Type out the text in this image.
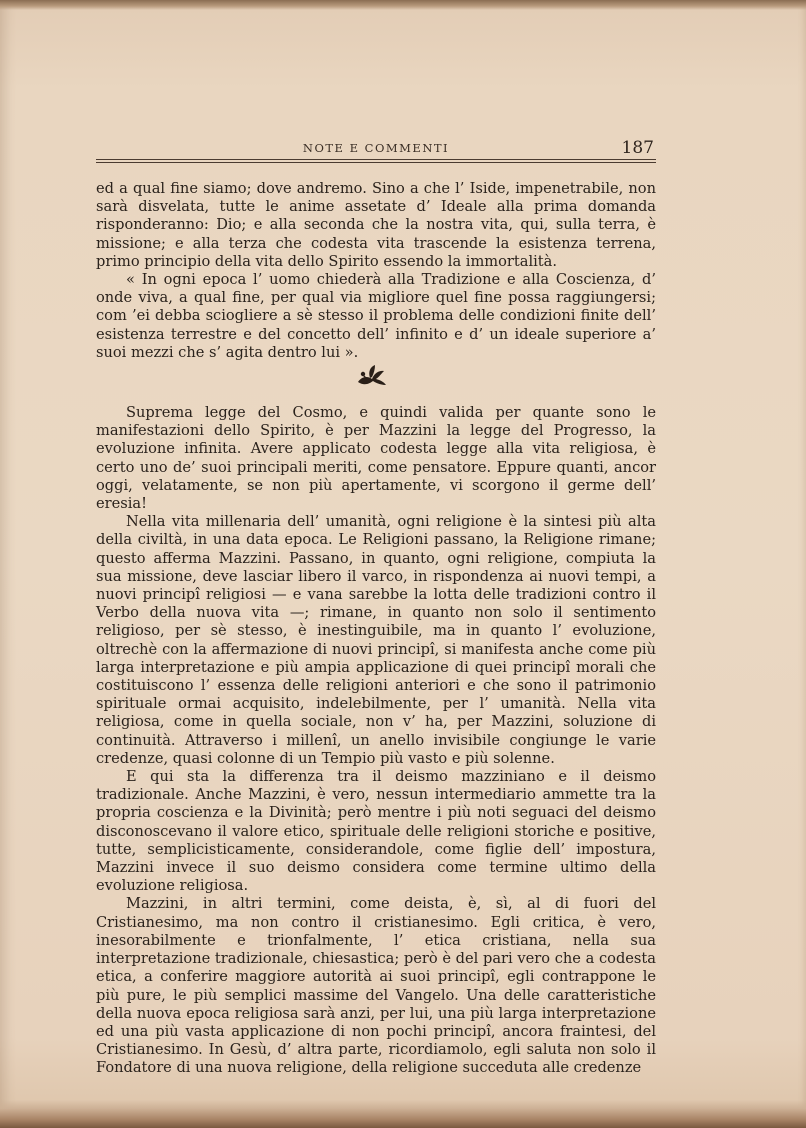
NOTE E COMMENTI	187

ed a qual fine siamo; dove andremo. Sino a che l’ Iside, impenetrabile, non sarà disvelata, tutte le anime assetate d’ Ideale alla prima domanda risponderanno: Dio; e alla seconda che la nostra vita, qui, sulla terra, è missione; e alla terza che codesta vita trascende la esistenza terrena, primo principio della vita dello Spirito essendo la immortalità.

« In ogni epoca l’ uomo chiederà alla Tradizione e alla Coscienza, d’ onde viva, a qual fine, per qual via migliore quel fine possa raggiungersi; com ’ei debba sciogliere a sè stesso il problema delle condizioni finite dell’ esistenza terrestre e del concetto dell’ infinito e d’ un ideale superiore a’ suoi mezzi che s’ agita dentro lui ».

Suprema legge del Cosmo, e quindi valida per quante sono le manifestazioni dello Spirito, è per Mazzini la legge del Progresso, la evoluzione infinita. Avere applicato codesta legge alla vita religiosa, è certo uno de’ suoi principali meriti, come pensatore. Eppure quanti, ancor oggi, velatamente, se non più apertamente, vi scorgono il germe dell’ eresia!

Nella vita millenaria dell’ umanità, ogni religione è la sintesi più alta della civiltà, in una data epoca. Le Religioni passano, la Religione rimane; questo afferma Mazzini. Passano, in quanto, ogni religione, compiuta la sua missione, deve lasciar libero il varco, in rispondenza ai nuovi tempi, a nuovi principî religiosi — e vana sarebbe la lotta delle tradizioni contro il Verbo della nuova vita —; rimane, in quanto non solo il sentimento religioso, per sè stesso, è inestinguibile, ma in quanto l’ evoluzione, oltrechè con la affermazione di nuovi principî, si manifesta anche come più larga interpretazione e più ampia applicazione di quei principî morali che costituiscono l’ essenza delle religioni anteriori e che sono il patrimonio spirituale ormai acquisito, indelebilmente, per l’ umanità. Nella vita religiosa, come in quella sociale, non v’ ha, per Mazzini, soluzione di continuità. Attraverso i millenî, un anello invisibile congiunge le varie credenze, quasi colonne di un Tempio più vasto e più solenne.

E qui sta la differenza tra il deismo mazziniano e il deismo tradizionale. Anche Mazzini, è vero, nessun intermediario ammette tra la propria coscienza e la Divinità; però mentre i più noti seguaci del deismo disconoscevano il valore etico, spirituale delle religioni storiche e positive, tutte, semplicisticamente, considerandole, come figlie dell’ impostura, Mazzini invece il suo deismo considera come termine ultimo della evoluzione religiosa.

Mazzini, in altri termini, come deista, è, sì, al di fuori del Cristianesimo, ma non contro il cristianesimo. Egli critica, è vero, inesorabilmente e trionfalmente, l’ etica cristiana, nella sua interpretazione tradizionale, chiesastica; però è del pari vero che a codesta etica, a conferire maggiore autorità ai suoi principî, egli contrappone le più pure, le più semplici massime del Vangelo. Una delle caratteristiche della nuova epoca religiosa sarà anzi, per lui, una più larga interpretazione ed una più vasta applicazione di non pochi principî, ancora fraintesi, del Cristianesimo. In Gesù, d’ altra parte, ricordiamolo, egli saluta non solo il Fondatore di una nuova religione, della religione succeduta alle credenze
